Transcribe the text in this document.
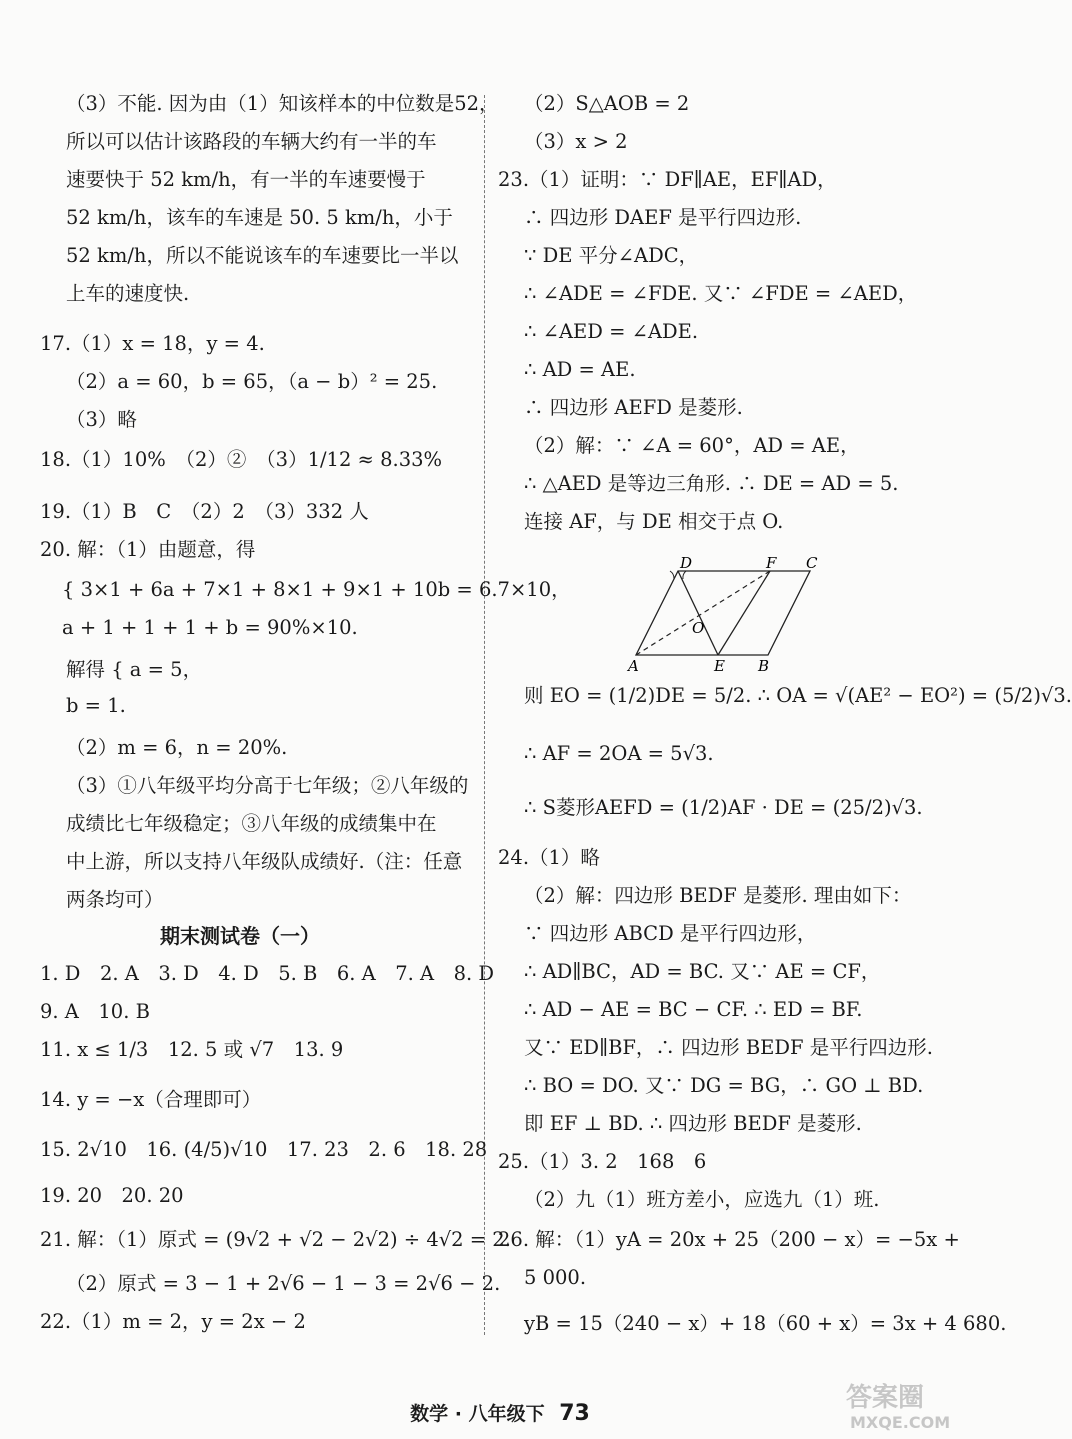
（3）不能. 因为由（1）知该样本的中位数是52，
所以可以估计该路段的车辆大约有一半的车
速要快于 52 km/h，有一半的车速要慢于
52 km/h，该车的车速是 50. 5 km/h，小于
52 km/h，所以不能说该车的车速要比一半以
上车的速度快.
17.（1）x = 18，y = 4.
（2）a = 60，b = 65，（a − b）² = 25.
（3）略
18.（1）10%　（2）②　（3）1/12 ≈ 8.33%
19.（1）B　C　（2）2　（3）332 人
20. 解：（1）由题意，得
{ 3×1 + 6a + 7×1 + 8×1 + 9×1 + 10b = 6.7×10，
a + 1 + 1 + 1 + b = 90%×10.
解得 { a = 5，
b = 1.
（2）m = 6，n = 20%.
（3）①八年级平均分高于七年级；②八年级的
成绩比七年级稳定；③八年级的成绩集中在
中上游，所以支持八年级队成绩好.（注：任意
两条均可）
期末测试卷（一）
1. D　2. A　3. D　4. D　5. B　6. A　7. A　8. D
9. A　10. B
11. x ≤ 1/3　12. 5 或 √7　13. 9
14. y = −x（合理即可）
15. 2√10　16. (4/5)√10　17. 23　2. 6　18. 28
19. 20　20. 20
21. 解：（1）原式 = (9√2 + √2 − 2√2) ÷ 4√2 = 2.
（2）原式 = 3 − 1 + 2√6 − 1 − 3 = 2√6 − 2.
22.（1）m = 2，y = 2x − 2
（2）S△AOB = 2
（3）x > 2
23.（1）证明：∵ DF∥AE，EF∥AD，
∴ 四边形 DAEF 是平行四边形.
∵ DE 平分∠ADC，
∴ ∠ADE = ∠FDE. 又∵ ∠FDE = ∠AED，
∴ ∠AED = ∠ADE.
∴ AD = AE.
∴ 四边形 AEFD 是菱形.
（2）解：∵ ∠A = 60°，AD = AE，
∴ △AED 是等边三角形. ∴ DE = AD = 5.
连接 AF，与 DE 相交于点 O.
则 EO = (1/2)DE = 5/2. ∴ OA = √(AE² − EO²) = (5/2)√3.
∴ AF = 2OA = 5√3.
∴ S菱形AEFD = (1/2)AF · DE = (25/2)√3.
24.（1）略
（2）解：四边形 BEDF 是菱形. 理由如下：
∵ 四边形 ABCD 是平行四边形，
∴ AD∥BC，AD = BC. 又∵ AE = CF，
∴ AD − AE = BC − CF. ∴ ED = BF.
又∵ ED∥BF，∴ 四边形 BEDF 是平行四边形.
∴ BO = DO. 又∵ DG = BG，∴ GO ⊥ BD.
即 EF ⊥ BD. ∴ 四边形 BEDF 是菱形.
25.（1）3. 2　168　6
（2）九（1）班方差小，应选九（1）班.
26. 解：（1）yA = 20x + 25（200 − x）= −5x +
5 000.
yB = 15（240 − x）+ 18（60 + x）= 3x + 4 680.
D	F C
O
A	E B
数学 · 八年级下 73
答案圈
MXQE.COM
